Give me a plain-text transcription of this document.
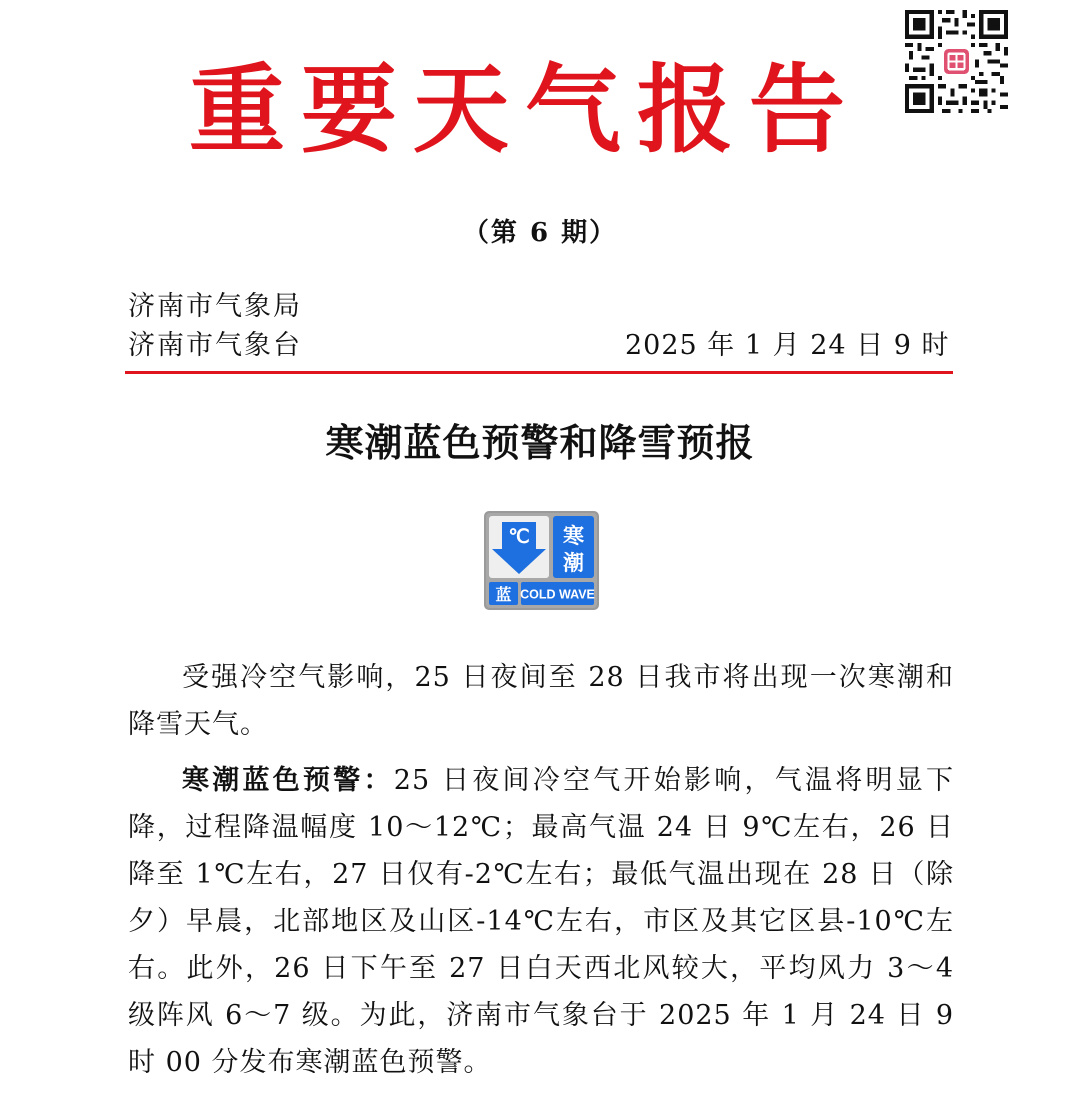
重要天气报告
（第 6 期）
济南市气象局
济南市气象台	2025 年 1 月 24 日 9 时
寒潮蓝色预警和降雪预报
℃ 寒
潮
蓝 COLD WAVE
受强冷空气影响，25 日夜间至 28 日我市将出现一次寒潮和降雪天气。
寒潮蓝色预警：25 日夜间冷空气开始影响，气温将明显下降，过程降温幅度 10～12℃；最高气温 24 日 9℃左右，26 日降至 1℃左右，27 日仅有-2℃左右；最低气温出现在 28 日（除夕）早晨，北部地区及山区-14℃左右，市区及其它区县-10℃左右。此外，26 日下午至 27 日白天西北风较大，平均风力 3～4 级阵风 6～7 级。为此，济南市气象台于 2025 年 1 月 24 日 9 时 00 分发布寒潮蓝色预警。
